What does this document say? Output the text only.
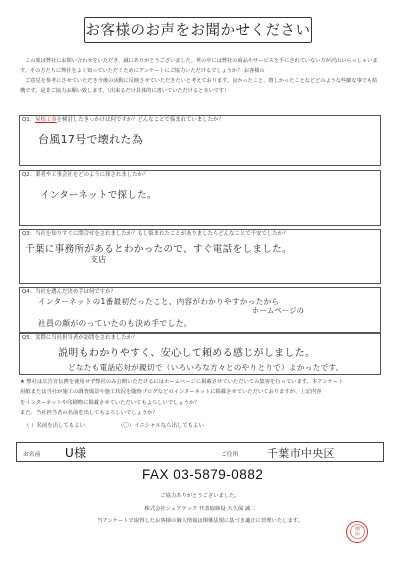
お客様のお声をお聞かせください

この度は弊社にお問い合わせをいただき、誠にありがとうございました。世の中には弊社の商品やサービスを手にされていない方が沢山いらっしゃいます。その方たちに弊社をよく知っていただくためにアンケートにご協力いただけるでしょうか？ お客様の

ご意見を参考にさせていただき今後の活動に反映させていただきたいと考えております。良かったこと、嬉しかったことなどどのような些細な事でも結構です。是非ご協力お願い致します。（出来るだけ具体的に書いていただけると幸いです）

Q1：屋根工事を検討したきっかけは何ですか？どんなことで悩まれていましたか？
台風17号で壊れた為
Q2：業者や工事会社をどのように探されましたか？
インターネットで探した。
Q3：当社を知りすぐに問合せをされましたか？もし悩まれたことがありましたらどんなことで不安でしたか？
千葉に事務所があるとわかったので、すぐ電話をしました。
支店
Q4：当社を選んだ決め手は何ですか？
インターネットの1番最初だったこと、内容がわかりやすかったから
ホームページの
社員の顔がのっていたのも決め手でした。
Q5：実際に当社担当者が訪問をされましたか？
説明もわかりやすく、安心して頼める感じがしました。
どなたも電話応対が親切で（いろいろな方々とのやりとりで）よかったです。

★ 弊社は広告宣伝費を使用せず弊社のみ公開いただけるにはホームページに掲載させていただいての集客を行っています。本アンケート

用紙または当社が施工の調査風景や施工状況を随時ブログなどのインターネットに掲載させていただいておりますが、上記内容

をインターネットや印刷物に掲載させていただいてもよろしいでしょうか？

また、当社担当者の名前を出してもよろしいでしょうか？

（ ）名前を出してもよい	（〇）イニシャルなら出してもよい
お名前 U様	ご住所	千葉市中央区
FAX 03-5879-0882
ご協力ありがとうございました。
株式会社シェアテック 代表取締役 大久保 誠二
当アンケートで取得したお客様の個人情報は関係法規に基づき適正に管理いたします。
國
印
